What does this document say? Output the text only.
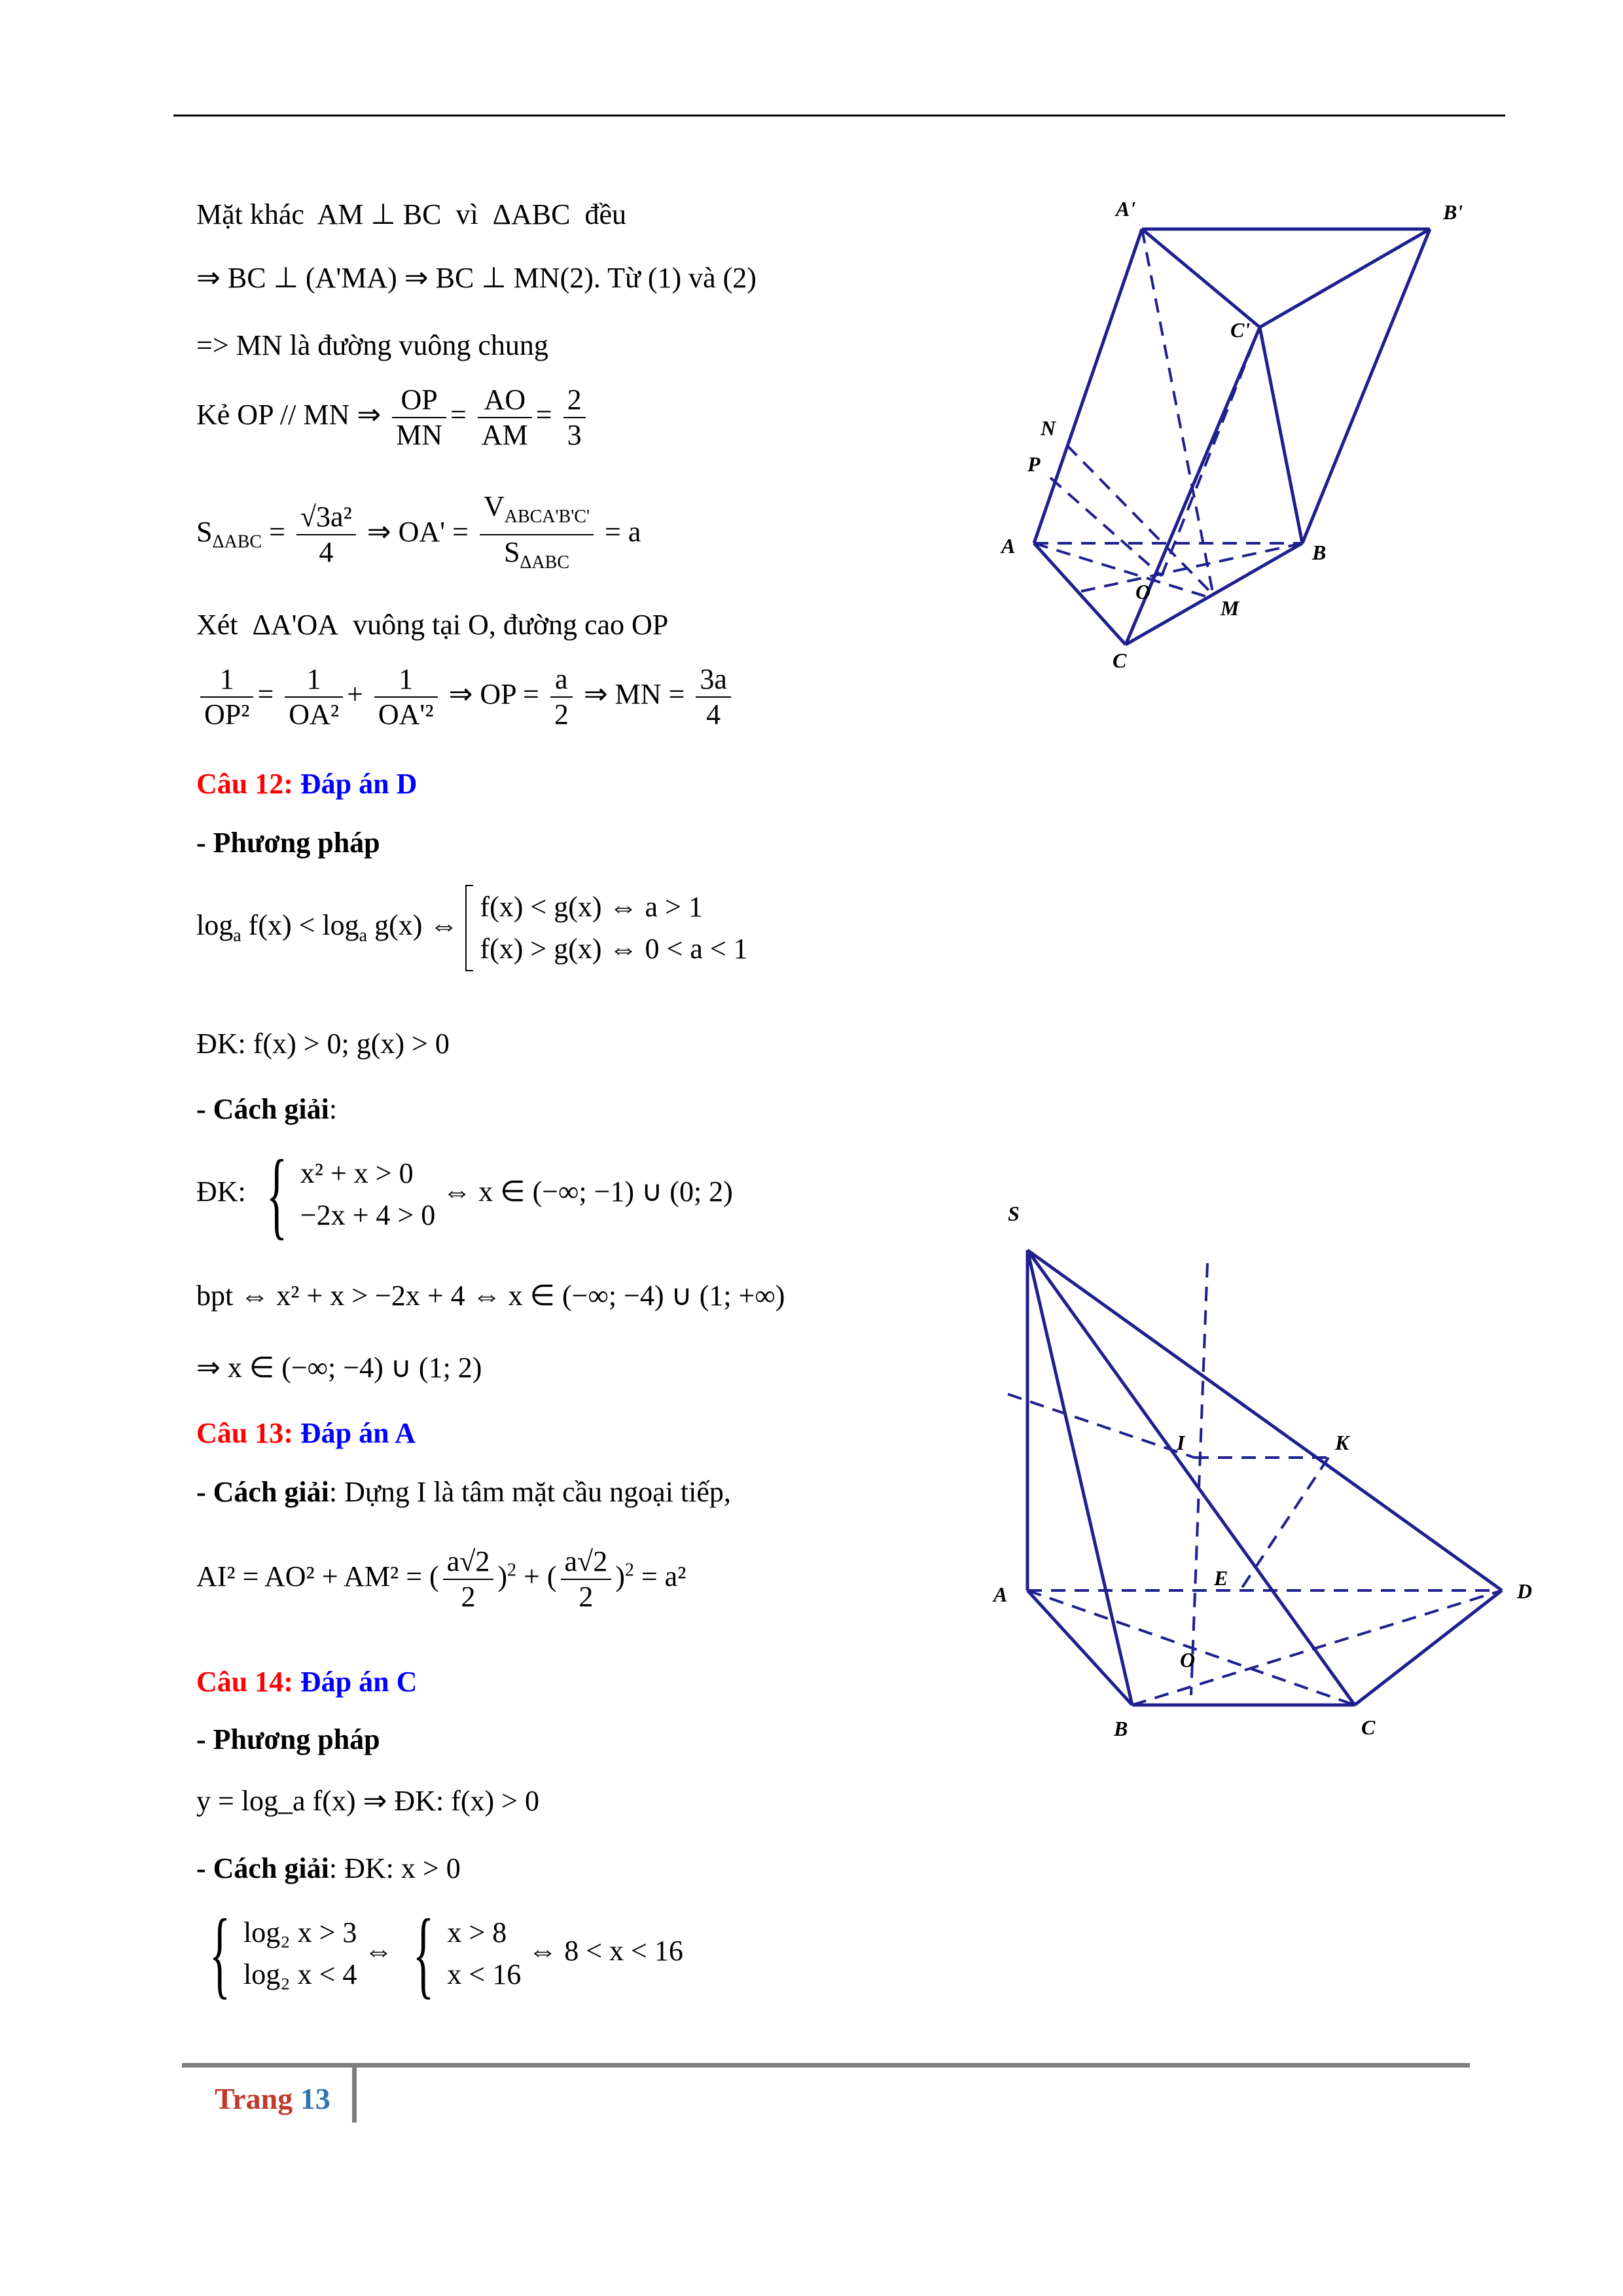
Mặt khác AM ⊥ BC vì ΔABC đều
⇒ BC ⊥ (A'MA) ⇒ BC ⊥ MN(2). Từ (1) và (2)
=> MN là đường vuông chung
Kẻ OP // MN ⇒ $\frac{OP}{MN} = \frac{AO}{AM} = \frac{2}{3}$
$S_{\Delta ABC} = \frac{\text{√3a²}}{4}$ ⇒ $OA' = \frac{V_{ABCA'B'C'}}{S_{\Delta ABC}} = a$
Xét ΔA'OA vuông tại O, đường cao OP
$\frac{1}{\text{OP²}} = \frac{1}{\text{OA²}} + \frac{1}{\text{OA'²}}$ ⇒ OP = $\frac{a}{2}$ ⇒ MN = $\frac{3a}{4}$
Câu 12: Đáp án D
- Phương pháp
$\log_a f(x) < \log_a g(x)$ ⇔ f(x) < g(x) ⇔ a > 1
f(x) > g(x) ⇔ 0 < a < 1
ĐK: f(x) > 0; g(x) > 0
- Cách giải:
ĐK: { x² + x > 0
−2x + 4 > 0 ⇔ x ∈ (−∞; −1) ∪ (0; 2)
bpt ⇔ x² + x > −2x + 4 ⇔ x ∈ (−∞; −4) ∪ (1; +∞)
⇒ x ∈ (−∞; −4) ∪ (1; 2)
Câu 13: Đáp án A
- Cách giải: Dựng I là tâm mặt cầu ngoại tiếp,
AI² = AO² + AM² = ( $\frac{a√2}{2} )^2$ + ( $\frac{a√2}{2} )^2 = a^2$
Câu 14: Đáp án C
- Phương pháp
y = log_a f(x) ⇒ ĐK: f(x) > 0
- Cách giải: ĐK: x > 0
{ log₂ x > 3
log₂ x < 4 ⇔ { x > 8
x < 16 ⇔ 8 < x < 16
A'	B'
C'
N
P
A	B
O
M
C
S
I	K
A
E
D
O
B	C
Trang 13
